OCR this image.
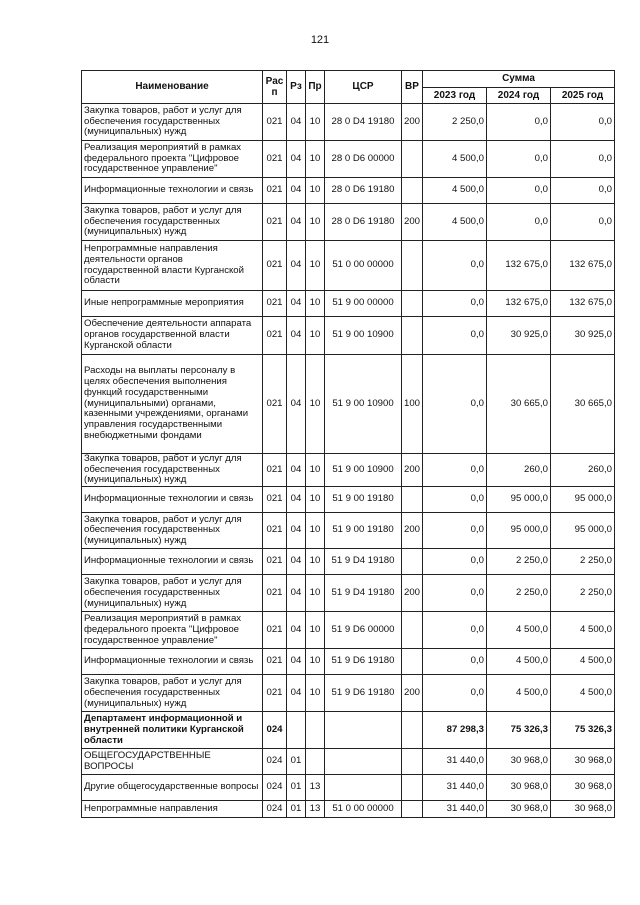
121
Наименование	Рас п	Рз	Пр	ЦСР	ВР	Сумма		
						2023 год	2024 год	2025 год
Закупка товаров, работ и услуг для обеспечения государственных (муниципальных) нужд	021	04	10	28 0 D4 19180	200	2 250,0	0,0	0,0
Реализация мероприятий в рамках федерального проекта "Цифровое государственное управление"	021	04	10	28 0 D6 00000		4 500,0	0,0	0,0
Информационные технологии и связь	021	04	10	28 0 D6 19180		4 500,0	0,0	0,0
Закупка товаров, работ и услуг для обеспечения государственных (муниципальных) нужд	021	04	10	28 0 D6 19180	200	4 500,0	0,0	0,0
Непрограммные направления деятельности органов государственной власти Курганской области	021	04	10	51 0 00 00000		0,0	132 675,0	132 675,0
Иные непрограммные мероприятия	021	04	10	51 9 00 00000		0,0	132 675,0	132 675,0
Обеспечение деятельности аппарата органов государственной власти Курганской области	021	04	10	51 9 00 10900		0,0	30 925,0	30 925,0
Расходы на выплаты персоналу в целях обеспечения выполнения функций государственными (муниципальными) органами, казенными учреждениями, органами управления государственными внебюджетными фондами	021	04	10	51 9 00 10900	100	0,0	30 665,0	30 665,0
Закупка товаров, работ и услуг для обеспечения государственных (муниципальных) нужд	021	04	10	51 9 00 10900	200	0,0	260,0	260,0
Информационные технологии и связь	021	04	10	51 9 00 19180		0,0	95 000,0	95 000,0
Закупка товаров, работ и услуг для обеспечения государственных (муниципальных) нужд	021	04	10	51 9 00 19180	200	0,0	95 000,0	95 000,0
Информационные технологии и связь	021	04	10	51 9 D4 19180		0,0	2 250,0	2 250,0
Закупка товаров, работ и услуг для обеспечения государственных (муниципальных) нужд	021	04	10	51 9 D4 19180	200	0,0	2 250,0	2 250,0
Реализация мероприятий в рамках федерального проекта "Цифровое государственное управление"	021	04	10	51 9 D6 00000		0,0	4 500,0	4 500,0
Информационные технологии и связь	021	04	10	51 9 D6 19180		0,0	4 500,0	4 500,0
Закупка товаров, работ и услуг для обеспечения государственных (муниципальных) нужд	021	04	10	51 9 D6 19180	200	0,0	4 500,0	4 500,0
Департамент информационной и внутренней политики Курганской области	024					87 298,3	75 326,3	75 326,3
ОБЩЕГОСУДАРСТВЕННЫЕ ВОПРОСЫ	024	01				31 440,0	30 968,0	30 968,0
Другие общегосударственные вопросы	024	01	13			31 440,0	30 968,0	30 968,0
Непрограммные направления	024	01	13	51 0 00 00000		31 440,0	30 968,0	30 968,0
